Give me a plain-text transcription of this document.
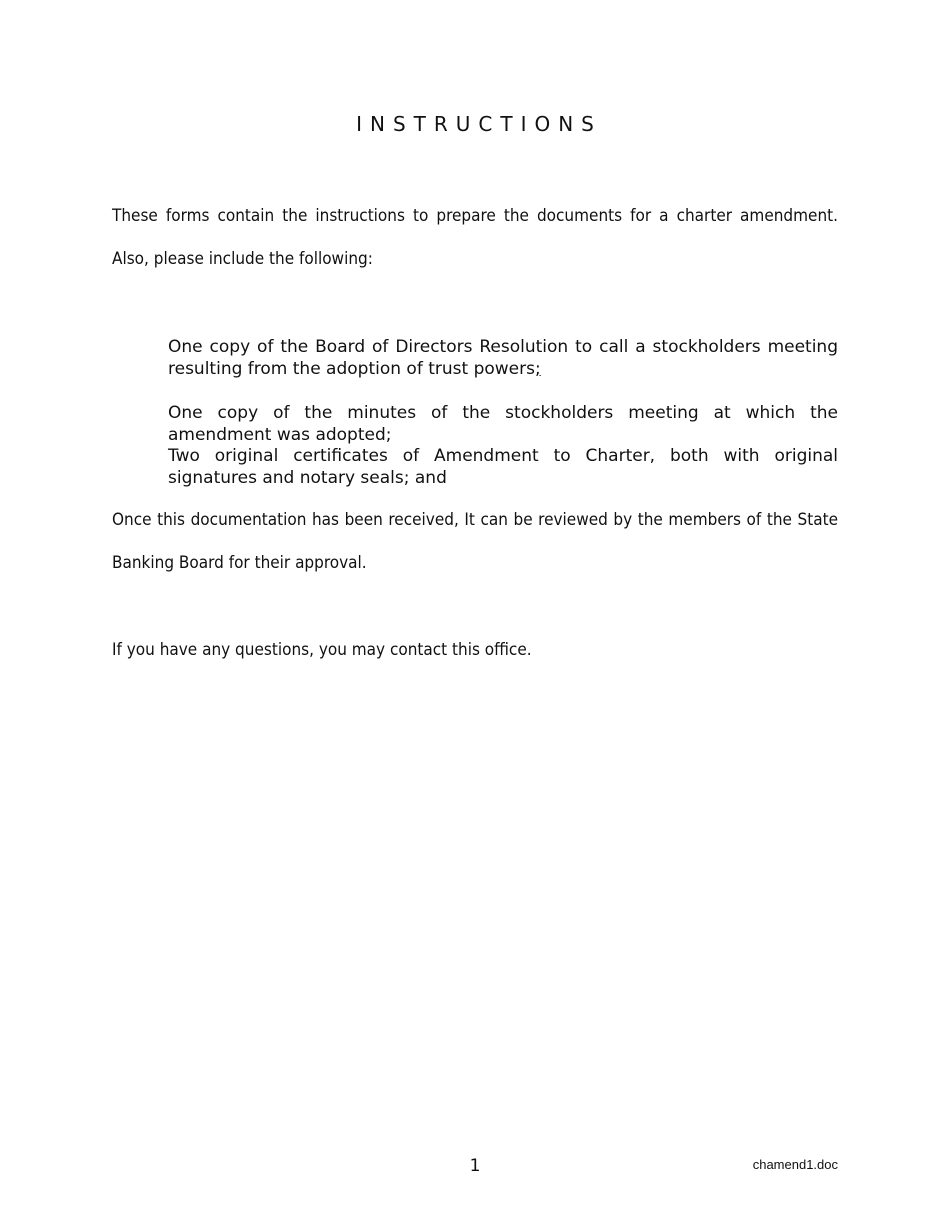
INSTRUCTIONS
These forms contain the instructions to prepare the documents for a charter amendment. Also, please include the following:
One copy of the Board of Directors Resolution to call a stockholders meeting resulting from the adoption of trust powers;
One copy of the minutes of the stockholders meeting at which the amendment was adopted;
Two original certificates of Amendment to Charter, both with original signatures and notary seals; and
Once this documentation has been received, It can be reviewed by the members of the State Banking Board for their approval.
If you have any questions, you may contact this office.
1	chamend1.doc
